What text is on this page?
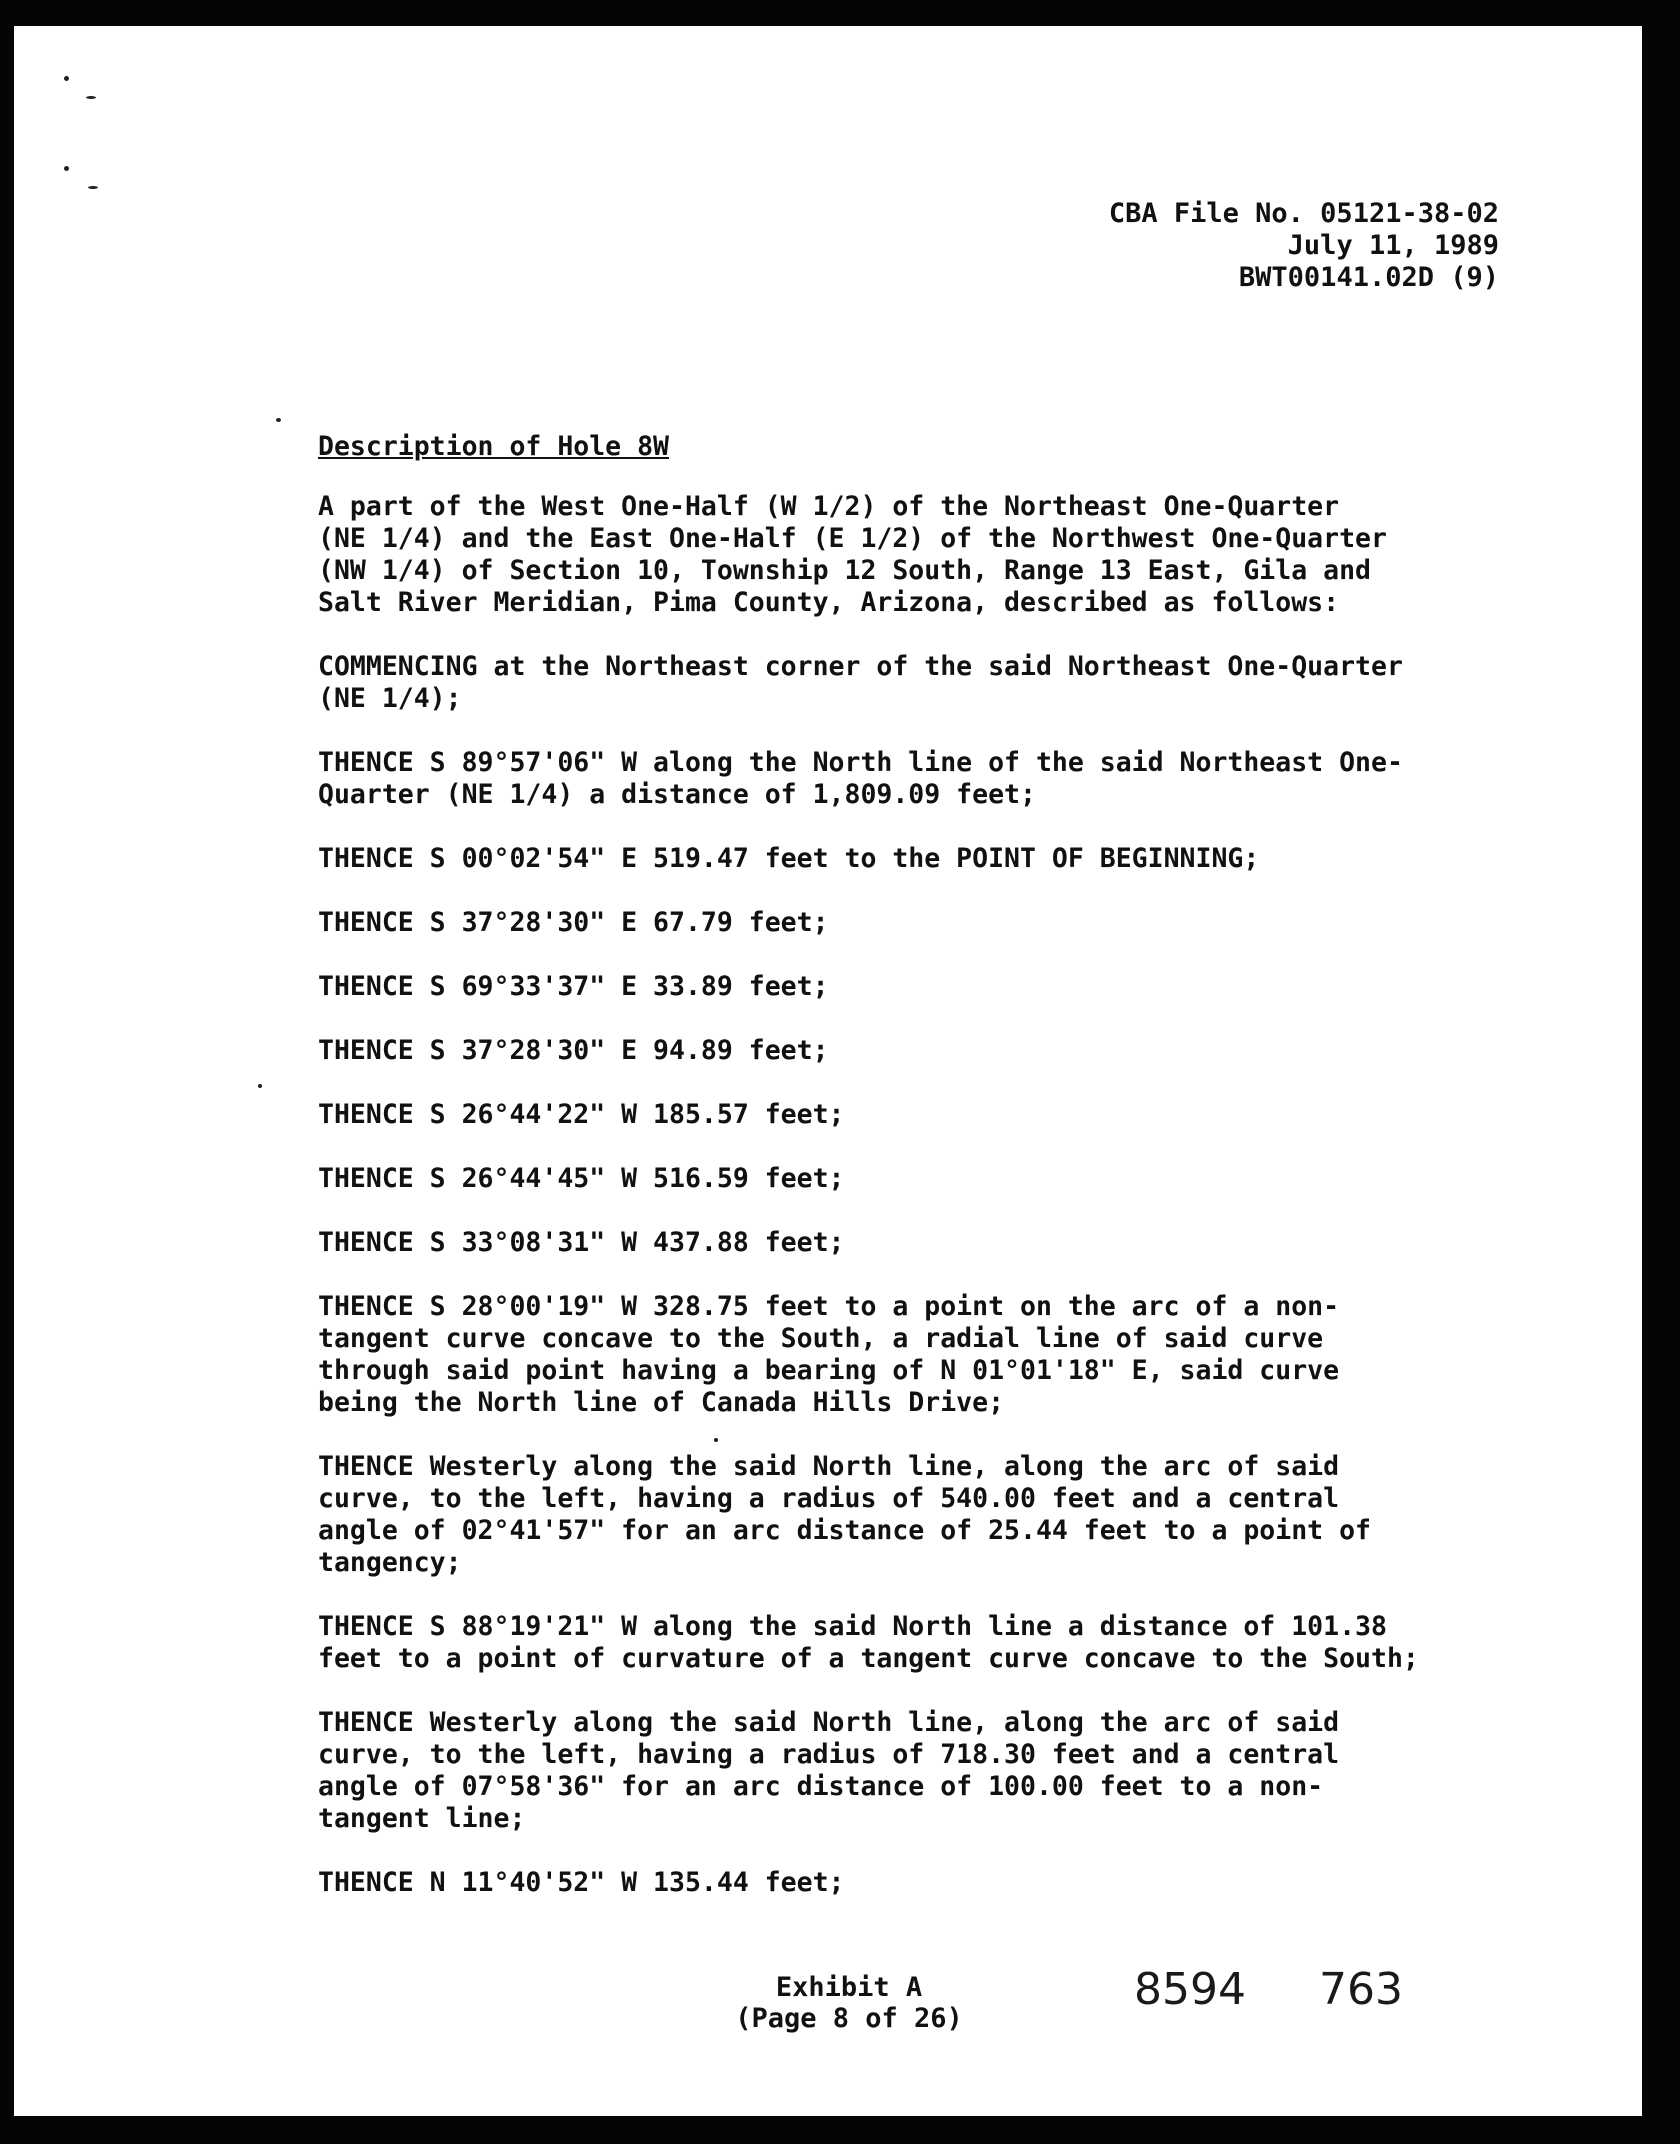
CBA File No. 05121-38-02
July 11, 1989
BWT00141.02D (9)
Description of Hole 8W
A part of the West One-Half (W 1/2) of the Northeast One-Quarter
(NE 1/4) and the East One-Half (E 1/2) of the Northwest One-Quarter
(NW 1/4) of Section 10, Township 12 South, Range 13 East, Gila and
Salt River Meridian, Pima County, Arizona, described as follows:
COMMENCING at the Northeast corner of the said Northeast One-Quarter
(NE 1/4);
THENCE S 89°57'06" W along the North line of the said Northeast One-
Quarter (NE 1/4) a distance of 1,809.09 feet;
THENCE S 00°02'54" E 519.47 feet to the POINT OF BEGINNING;
THENCE S 37°28'30" E 67.79 feet;
THENCE S 69°33'37" E 33.89 feet;
THENCE S 37°28'30" E 94.89 feet;
THENCE S 26°44'22" W 185.57 feet;
THENCE S 26°44'45" W 516.59 feet;
THENCE S 33°08'31" W 437.88 feet;
THENCE S 28°00'19" W 328.75 feet to a point on the arc of a non-
tangent curve concave to the South, a radial line of said curve
through said point having a bearing of N 01°01'18" E, said curve
being the North line of Canada Hills Drive;
THENCE Westerly along the said North line, along the arc of said
curve, to the left, having a radius of 540.00 feet and a central
angle of 02°41'57" for an arc distance of 25.44 feet to a point of
tangency;
THENCE S 88°19'21" W along the said North line a distance of 101.38
feet to a point of curvature of a tangent curve concave to the South;
THENCE Westerly along the said North line, along the arc of said
curve, to the left, having a radius of 718.30 feet and a central
angle of 07°58'36" for an arc distance of 100.00 feet to a non-
tangent line;
THENCE N 11°40'52" W 135.44 feet;
Exhibit A
(Page 8 of 26)
8594 763
